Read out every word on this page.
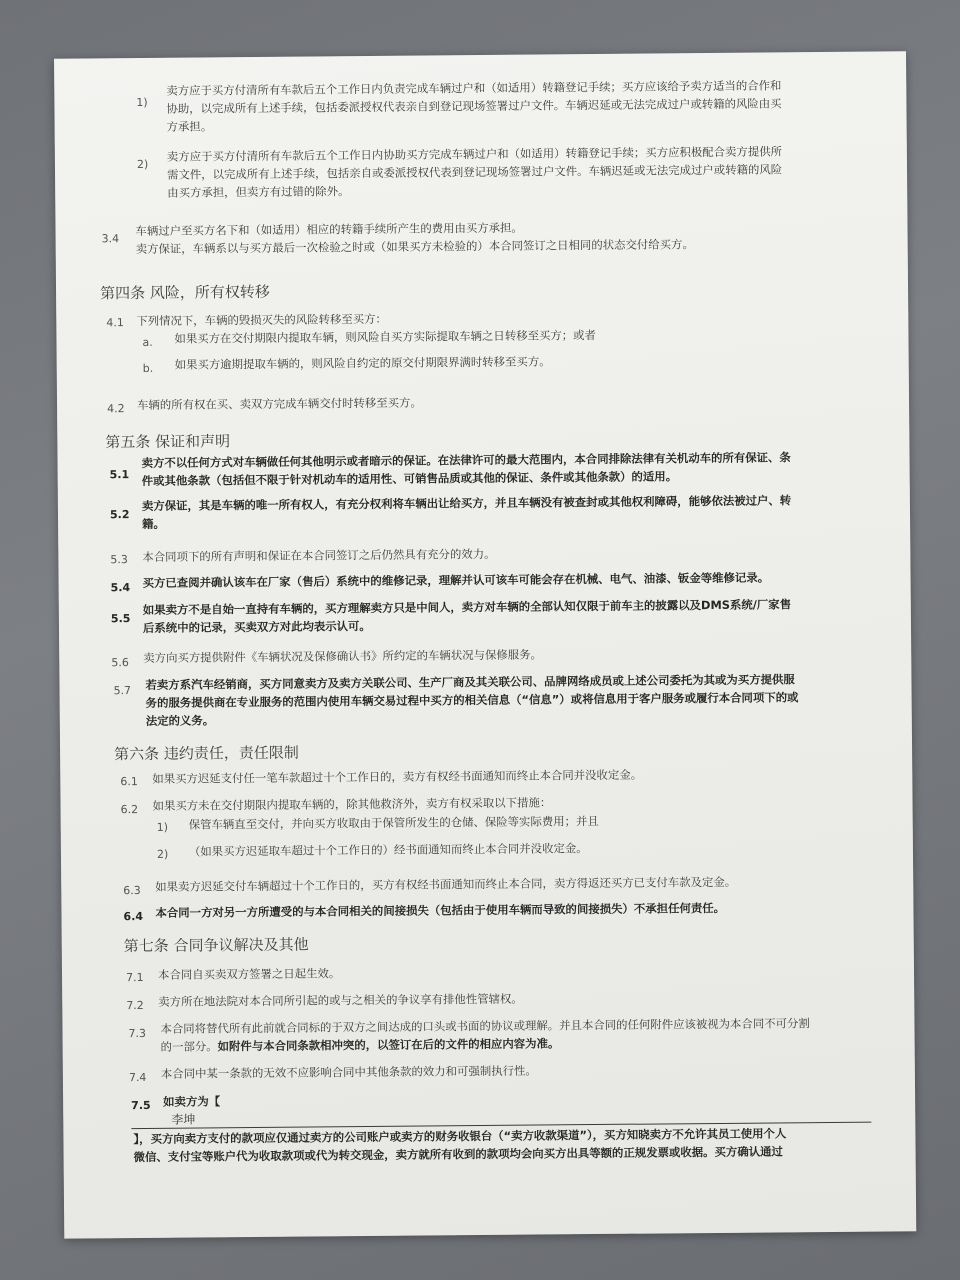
1)
卖方应于买方付清所有车款后五个工作日内负责完成车辆过户和（如适用）转籍登记手续；买方应该给予卖方适当的合作和
协助，以完成所有上述手续，包括委派授权代表亲自到登记现场签署过户文件。车辆迟延或无法完成过户或转籍的风险由买
方承担。
2)
卖方应于买方付清所有车款后五个工作日内协助买方完成车辆过户和（如适用）转籍登记手续；买方应积极配合卖方提供所
需文件，以完成所有上述手续，包括亲自或委派授权代表到登记现场签署过户文件。车辆迟延或无法完成过户或转籍的风险
由买方承担，但卖方有过错的除外。
3.4
车辆过户至买方名下和（如适用）相应的转籍手续所产生的费用由买方承担。
卖方保证，车辆系以与买方最后一次检验之时或（如果买方未检验的）本合同签订之日相同的状态交付给买方。
第四条 风险，所有权转移
4.1 下列情况下，车辆的毁损灭失的风险转移至买方：
a. 如果买方在交付期限内提取车辆，则风险自买方实际提取车辆之日转移至买方；或者
b. 如果买方逾期提取车辆的，则风险自约定的原交付期限界满时转移至买方。
4.2 车辆的所有权在买、卖双方完成车辆交付时转移至买方。
第五条 保证和声明
5.1
卖方不以任何方式对车辆做任何其他明示或者暗示的保证。在法律许可的最大范围内，本合同排除法律有关机动车的所有保证、条
件或其他条款（包括但不限于针对机动车的适用性、可销售品质或其他的保证、条件或其他条款）的适用。
5.2
卖方保证，其是车辆的唯一所有权人，有充分权利将车辆出让给买方，并且车辆没有被查封或其他权利障碍，能够依法被过户、转
籍。
5.3 本合同项下的所有声明和保证在本合同签订之后仍然具有充分的效力。
5.4 买方已查阅并确认该车在厂家（售后）系统中的维修记录，理解并认可该车可能会存在机械、电气、油漆、钣金等维修记录。
5.5
如果卖方不是自始一直持有车辆的，买方理解卖方只是中间人，卖方对车辆的全部认知仅限于前车主的披露以及DMS系统/厂家售
后系统中的记录，买卖双方对此均表示认可。
5.6 卖方向买方提供附件《车辆状况及保修确认书》所约定的车辆状况与保修服务。
5.7 若卖方系汽车经销商，买方同意卖方及卖方关联公司、生产厂商及其关联公司、品牌网络成员或上述公司委托为其或为买方提供服
务的服务提供商在专业服务的范围内使用车辆交易过程中买方的相关信息（“信息”）或将信息用于客户服务或履行本合同项下的或
法定的义务。
第六条 违约责任，责任限制
6.1 如果买方迟延支付任一笔车款超过十个工作日的，卖方有权经书面通知而终止本合同并没收定金。
6.2 如果买方未在交付期限内提取车辆的，除其他救济外，卖方有权采取以下措施：
1) 保管车辆直至交付，并向买方收取由于保管所发生的仓储、保险等实际费用；并且
2) （如果买方迟延取车超过十个工作日的）经书面通知而终止本合同并没收定金。
6.3 如果卖方迟延交付车辆超过十个工作日的，买方有权经书面通知而终止本合同，卖方得返还买方已支付车款及定金。
6.4 本合同一方对另一方所遭受的与本合同相关的间接损失（包括由于使用车辆而导致的间接损失）不承担任何责任。
第七条 合同争议解决及其他
7.1 本合同自买卖双方签署之日起生效。
7.2 卖方所在地法院对本合同所引起的或与之相关的争议享有排他性管辖权。
7.3 本合同将替代所有此前就合同标的于双方之间达成的口头或书面的协议或理解。并且本合同的任何附件应该被视为本合同不可分割
的一部分。如附件与本合同条款相冲突的，以签订在后的文件的相应内容为准。
7.4 本合同中某一条款的无效不应影响合同中其他条款的效力和可强制执行性。
7.5 如卖方为【
李坤
】，买方向卖方支付的款项应仅通过卖方的公司账户或卖方的财务收银台（“卖方收款渠道”），买方知晓卖方不允许其员工使用个人
微信、支付宝等账户代为收取款项或代为转交现金，卖方就所有收到的款项均会向买方出具等额的正规发票或收据。买方确认通过
